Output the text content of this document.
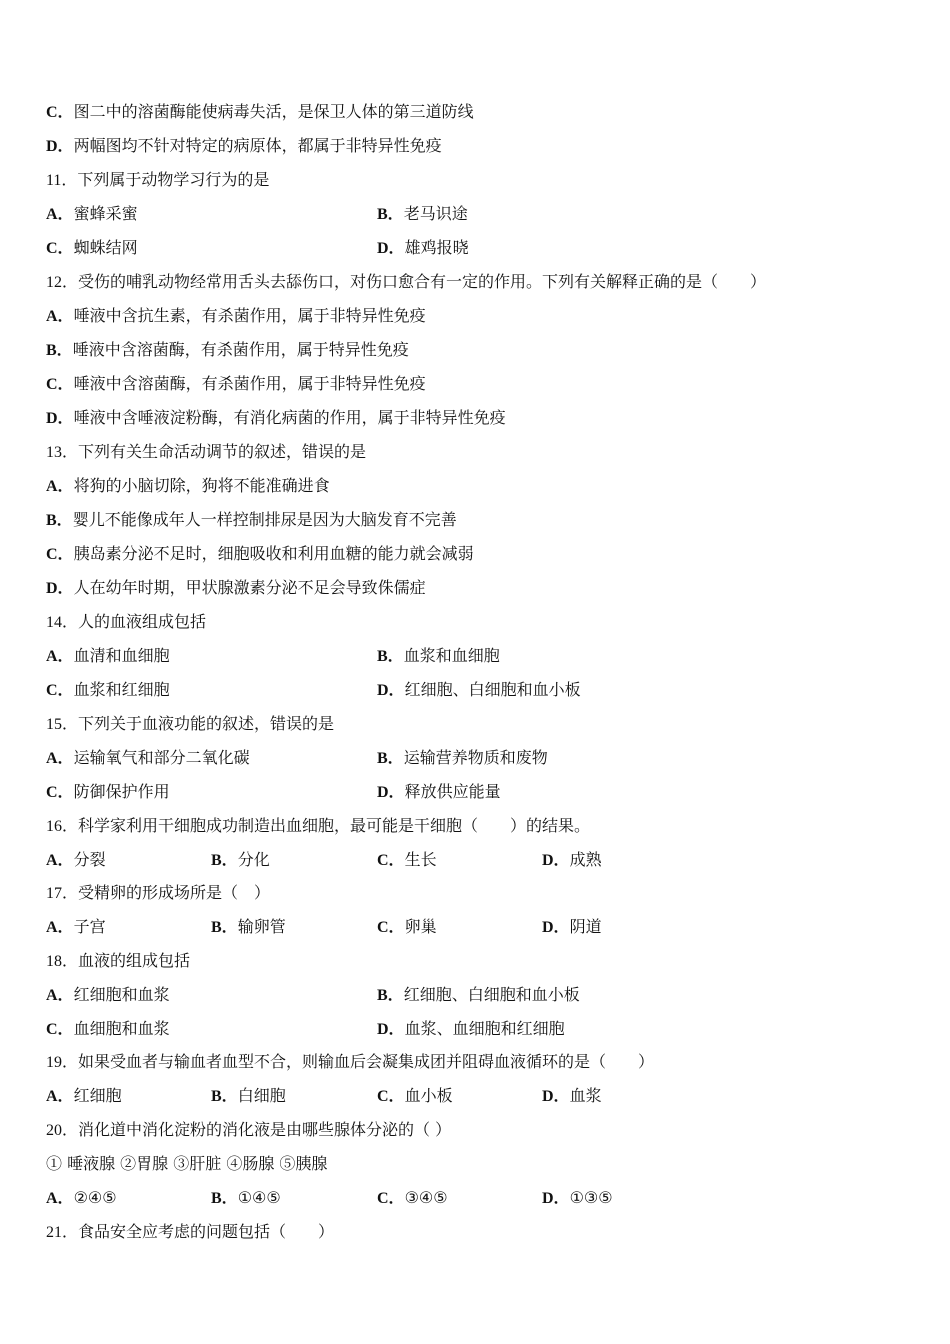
C．图二中的溶菌酶能使病毒失活，是保卫人体的第三道防线
D．两幅图均不针对特定的病原体，都属于非特异性免疫
11．下列属于动物学习行为的是
A．蜜蜂采蜜	B．老马识途
C．蜘蛛结网	D．雄鸡报晓
12．受伤的哺乳动物经常用舌头去舔伤口，对伤口愈合有一定的作用。下列有关解释正确的是（　　）
A．唾液中含抗生素，有杀菌作用，属于非特异性免疫
B．唾液中含溶菌酶，有杀菌作用，属于特异性免疫
C．唾液中含溶菌酶，有杀菌作用，属于非特异性免疫
D．唾液中含唾液淀粉酶，有消化病菌的作用，属于非特异性免疫
13．下列有关生命活动调节的叙述，错误的是
A．将狗的小脑切除，狗将不能准确进食
B．婴儿不能像成年人一样控制排尿是因为大脑发育不完善
C．胰岛素分泌不足时，细胞吸收和利用血糖的能力就会减弱
D．人在幼年时期，甲状腺激素分泌不足会导致侏儒症
14．人的血液组成包括
A．血清和血细胞	B．血浆和血细胞
C．血浆和红细胞	D．红细胞、白细胞和血小板
15．下列关于血液功能的叙述，错误的是
A．运输氧气和部分二氧化碳	B．运输营养物质和废物
C．防御保护作用	D．释放供应能量
16．科学家利用干细胞成功制造出血细胞，最可能是干细胞（　　）的结果。
A．分裂	B．分化	C．生长	D．成熟
17．受精卵的形成场所是（　）
A．子宫	B．输卵管	C．卵巢	D．阴道
18．血液的组成包括
A．红细胞和血浆	B．红细胞、白细胞和血小板
C．血细胞和血浆	D．血浆、血细胞和红细胞
19．如果受血者与输血者血型不合，则输血后会凝集成团并阻碍血液循环的是（　　）
A．红细胞	B．白细胞	C．血小板	D．血浆
20．消化道中消化淀粉的消化液是由哪些腺体分泌的（ ）
① 唾液腺 ②胃腺 ③肝脏 ④肠腺 ⑤胰腺
A．②④⑤	B．①④⑤	C．③④⑤	D．①③⑤
21．食品安全应考虑的问题包括（　　）
